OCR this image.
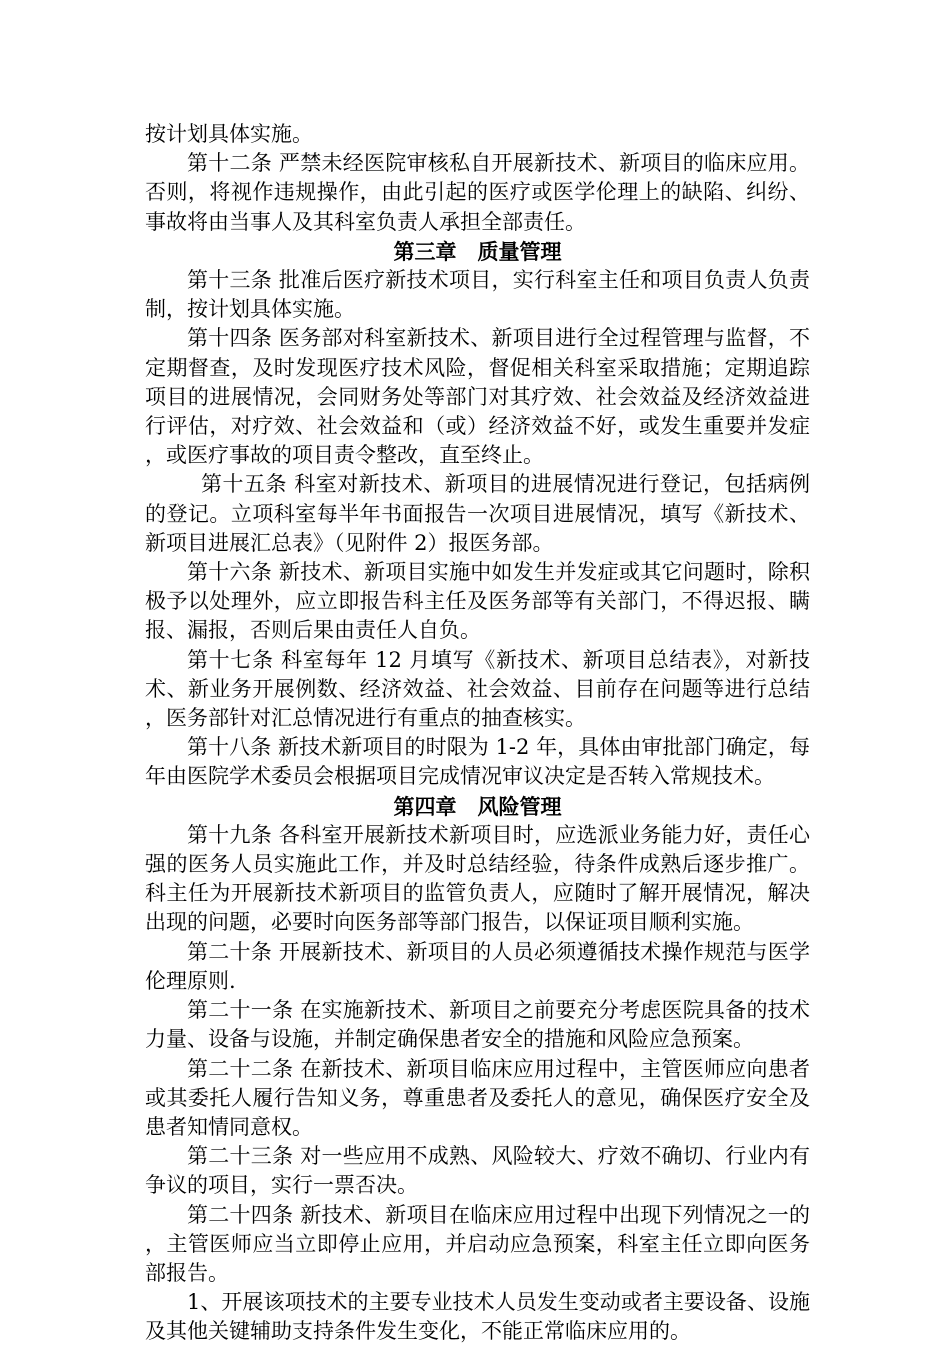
按计划具体实施。

第十二条 严禁未经医院审核私自开展新技术、新项目的临床应用。否则，将视作违规操作，由此引起的医疗或医学伦理上的缺陷、纠纷、事故将由当事人及其科室负责人承担全部责任。

第三章　质量管理

第十三条 批准后医疗新技术项目，实行科室主任和项目负责人负责制，按计划具体实施。

第十四条 医务部对科室新技术、新项目进行全过程管理与监督，不定期督查，及时发现医疗技术风险，督促相关科室采取措施；定期追踪项目的进展情况，会同财务处等部门对其疗效、社会效益及经济效益进行评估，对疗效、社会效益和（或）经济效益不好，或发生重要并发症，或医疗事故的项目责令整改，直至终止。

第十五条 科室对新技术、新项目的进展情况进行登记，包括病例的登记。立项科室每半年书面报告一次项目进展情况，填写《新技术、新项目进展汇总表》（见附件 2）报医务部。

第十六条 新技术、新项目实施中如发生并发症或其它问题时，除积极予以处理外，应立即报告科主任及医务部等有关部门，不得迟报、瞒报、漏报，否则后果由责任人自负。

第十七条 科室每年 12 月填写《新技术、新项目总结表》，对新技术、新业务开展例数、经济效益、社会效益、目前存在问题等进行总结，医务部针对汇总情况进行有重点的抽查核实。

第十八条 新技术新项目的时限为 1-2 年，具体由审批部门确定，每年由医院学术委员会根据项目完成情况审议决定是否转入常规技术。

第四章　风险管理

第十九条 各科室开展新技术新项目时，应选派业务能力好，责任心强的医务人员实施此工作，并及时总结经验，待条件成熟后逐步推广。科主任为开展新技术新项目的监管负责人，应随时了解开展情况，解决出现的问题，必要时向医务部等部门报告，以保证项目顺利实施。

第二十条 开展新技术、新项目的人员必须遵循技术操作规范与医学伦理原则.

第二十一条 在实施新技术、新项目之前要充分考虑医院具备的技术力量、设备与设施，并制定确保患者安全的措施和风险应急预案。

第二十二条 在新技术、新项目临床应用过程中，主管医师应向患者或其委托人履行告知义务，尊重患者及委托人的意见，确保医疗安全及患者知情同意权。

第二十三条 对一些应用不成熟、风险较大、疗效不确切、行业内有争议的项目，实行一票否决。

第二十四条 新技术、新项目在临床应用过程中出现下列情况之一的，主管医师应当立即停止应用，并启动应急预案，科室主任立即向医务部报告。

1、开展该项技术的主要专业技术人员发生变动或者主要设备、设施及其他关键辅助支持条件发生变化，不能正常临床应用的。
